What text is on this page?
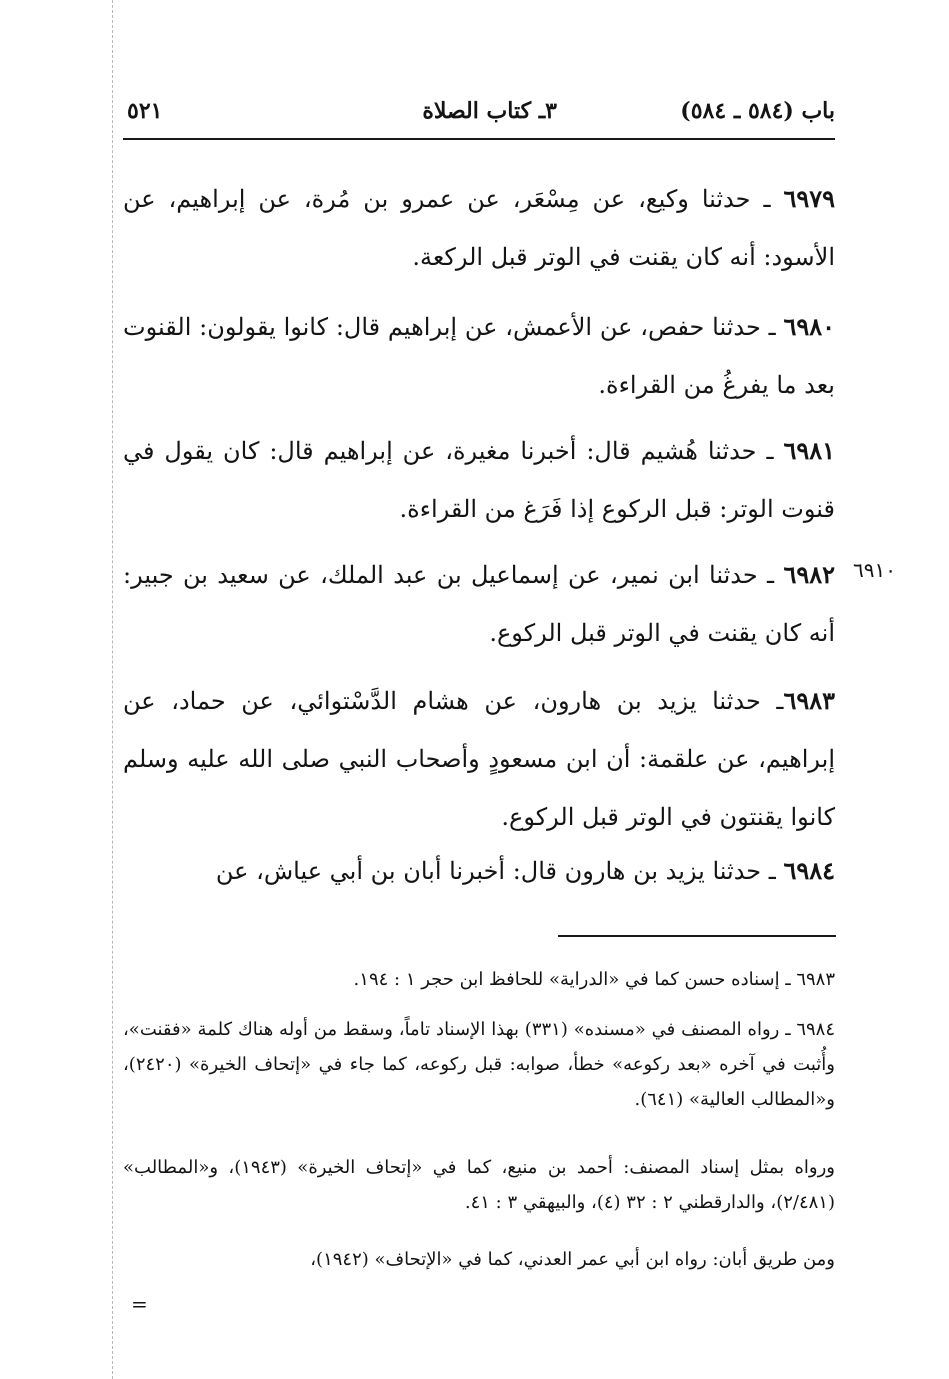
باب (٥٨٤ ـ ٥٨٤)
٣ـ كتاب الصلاة
٥٢١

٦٩٧٩ ـ حدثنا وكيع، عن مِسْعَر، عن عمرو بن مُرة، عن إبراهيم، عن الأسود: أنه كان يقنت في الوتر قبل الركعة.

٦٩٨٠ ـ حدثنا حفص، عن الأعمش، عن إبراهيم قال: كانوا يقولون: القنوت بعد ما يفرغُ من القراءة.

٦٩٨١ ـ حدثنا هُشيم قال: أخبرنا مغيرة، عن إبراهيم قال: كان يقول في قنوت الوتر: قبل الركوع إذا فَرَغ من القراءة.

٦٩٨٢ ـ حدثنا ابن نمير، عن إسماعيل بن عبد الملك، عن سعيد بن جبير: أنه كان يقنت في الوتر قبل الركوع.

٦٩٨٣ـ حدثنا يزيد بن هارون، عن هشام الدَّسْتوائي، عن حماد، عن إبراهيم، عن علقمة: أن ابن مسعودٍ وأصحاب النبي صلى الله عليه وسلم كانوا يقنتون في الوتر قبل الركوع.

٦٩٨٤ ـ حدثنا يزيد بن هارون قال: أخبرنا أبان بن أبي عياش، عن

٦٩٨٣ ـ إسناده حسن كما في «الدراية» للحافظ ابن حجر ١ : ١٩٤.

٦٩٨٤ ـ رواه المصنف في «مسنده» (٣٣١) بهذا الإسناد تاماً، وسقط من أوله هناك كلمة «فقنت»، وأُثبت في آخره «بعد ركوعه» خطأ، صوابه: قبل ركوعه، كما جاء في «إتحاف الخيرة» (٢٤٢٠)، و«المطالب العالية» (٦٤١).

ورواه بمثل إسناد المصنف: أحمد بن منيع، كما في «إتحاف الخيرة» (١٩٤٣)، و«المطالب» (٢/٤٨١)، والدارقطني ٢ : ٣٢ (٤)، والبيهقي ٣ : ٤١.

ومن طريق أبان: رواه ابن أبي عمر العدني، كما في «الإتحاف» (١٩٤٢)،

=
٦٩١٠
